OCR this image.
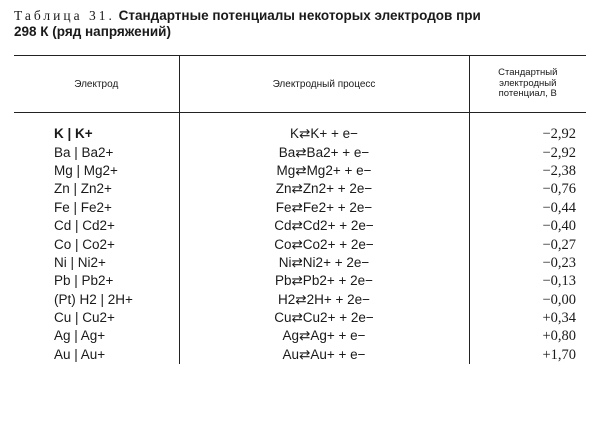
Таблица 31. Стандартные потенциалы некоторых электродов при
298 К (ряд напряжений)
Электрод	Электродный процесс	Стандартный электродный потенциал, В
K | K+	K⇄K+ + e−	−2,92
Ba | Ba2+	Ba⇄Ba2+ + e−	−2,92
Mg | Mg2+	Mg⇄Mg2+ + e−	−2,38
Zn | Zn2+	Zn⇄Zn2+ + 2e−	−0,76
Fe | Fe2+	Fe⇄Fe2+ + 2e−	−0,44
Cd | Cd2+	Cd⇄Cd2+ + 2e−	−0,40
Co | Co2+	Co⇄Co2+ + 2e−	−0,27
Ni | Ni2+	Ni⇄Ni2+ + 2e−	−0,23
Pb | Pb2+	Pb⇄Pb2+ + 2e−	−0,13
(Pt) H2 | 2H+	H2⇄2H+ + 2e−	−0,00
Cu | Cu2+	Cu⇄Cu2+ + 2e−	+0,34
Ag | Ag+	Ag⇄Ag+ + e−	+0,80
Au | Au+	Au⇄Au+ + e−	+1,70
